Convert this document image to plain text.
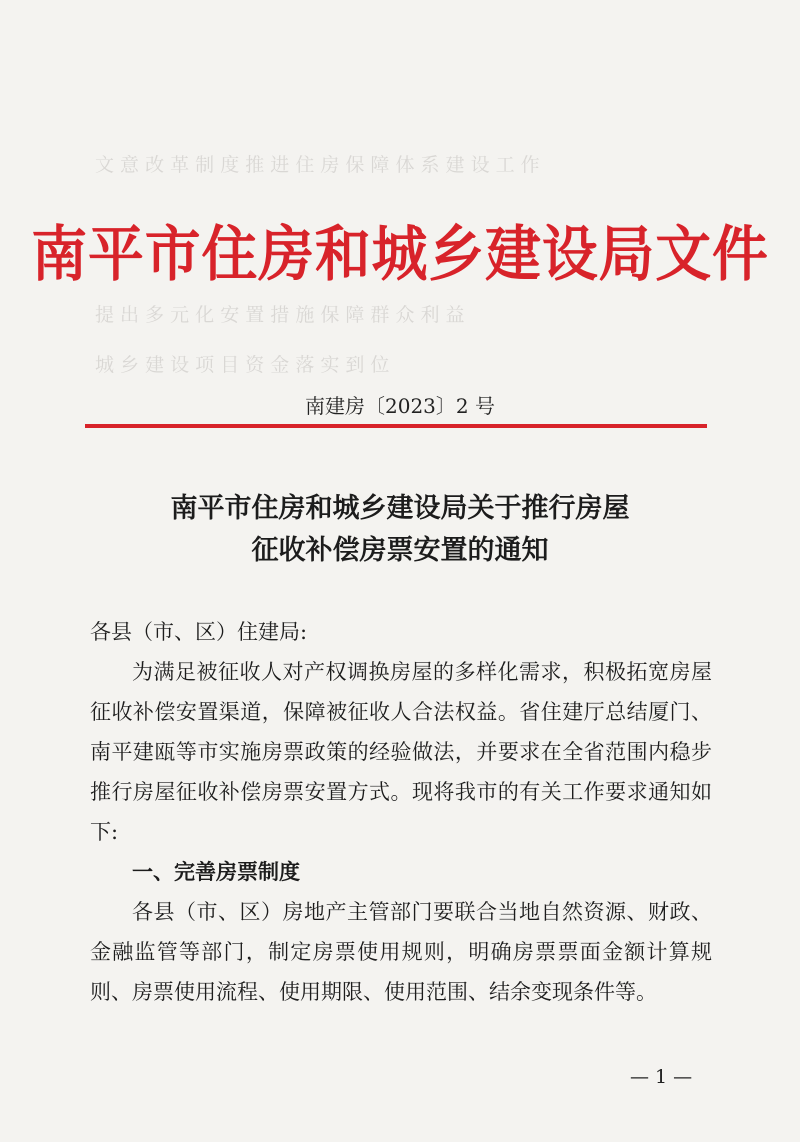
文 意 改 革 制 度 推 进 住 房 保 障 体 系 建 设 工 作
提 出 多 元 化 安 置 措 施 保 障 群 众 利 益
城 乡 建 设 项 目 资 金 落 实 到 位
南平市住房和城乡建设局文件
南建房〔2023〕2 号
南平市住房和城乡建设局关于推行房屋
征收补偿房票安置的通知

各县（市、区）住建局:

为满足被征收人对产权调换房屋的多样化需求，积极拓宽房屋征收补偿安置渠道，保障被征收人合法权益。省住建厅总结厦门、南平建瓯等市实施房票政策的经验做法，并要求在全省范围内稳步推行房屋征收补偿房票安置方式。现将我市的有关工作要求通知如下:

一、完善房票制度

各县（市、区）房地产主管部门要联合当地自然资源、财政、金融监管等部门，制定房票使用规则，明确房票票面金额计算规则、房票使用流程、使用期限、使用范围、结余变现条件等。

— 1 —
